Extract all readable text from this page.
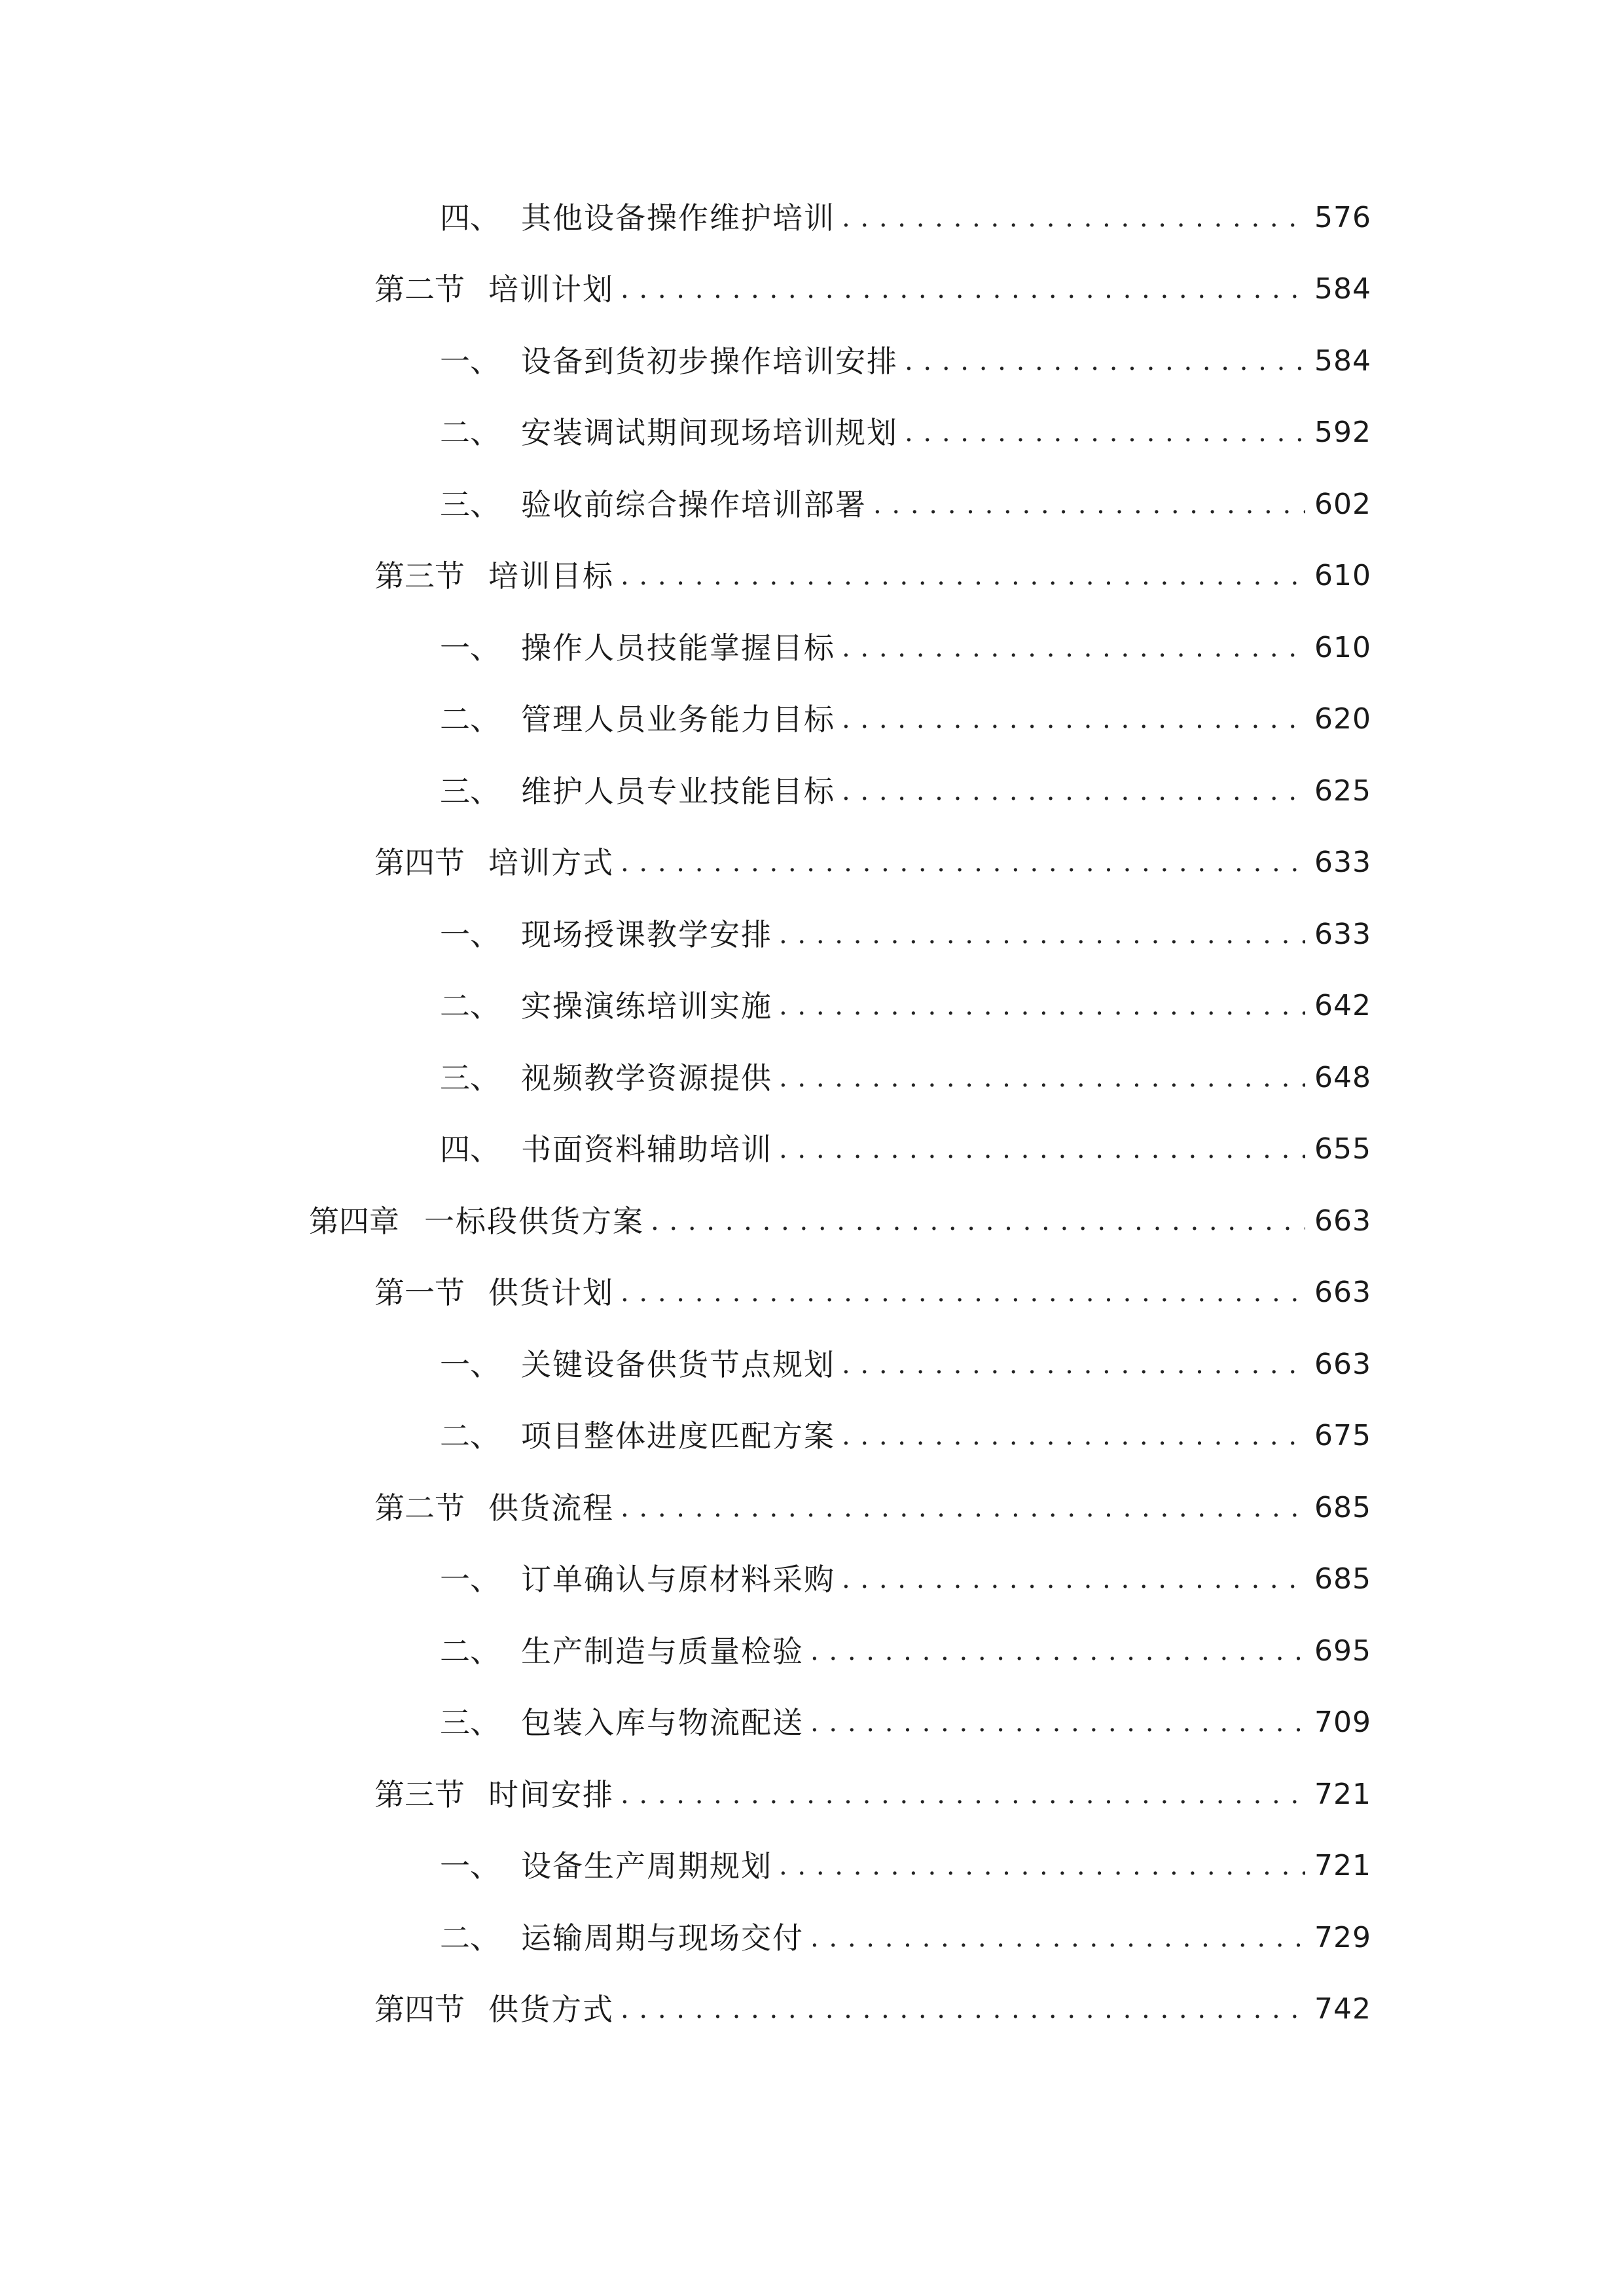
四、 其他设备操作维护培训 . . .	576
第二节 培训计划 . . .	584
一、 设备到货初步操作培训安排 . . .	584
二、 安装调试期间现场培训规划 . . .	592
三、 验收前综合操作培训部署 . . .	602
第三节 培训目标 . . .	610
一、 操作人员技能掌握目标 . . .	610
二、 管理人员业务能力目标 . . .	620
三、 维护人员专业技能目标 . . .	625
第四节 培训方式 . . .	633
一、 现场授课教学安排 . . .	633
二、 实操演练培训实施 . . .	642
三、 视频教学资源提供 . . .	648
四、 书面资料辅助培训 . . .	655
第四章 一标段供货方案 . . .	663
第一节 供货计划 . . .	663
一、 关键设备供货节点规划 . . .	663
二、 项目整体进度匹配方案 . . .	675
第二节 供货流程 . . .	685
一、 订单确认与原材料采购 . . .	685
二、 生产制造与质量检验 . . .	695
三、 包装入库与物流配送 . . .	709
第三节 时间安排 . . .	721
一、 设备生产周期规划 . . .	721
二、 运输周期与现场交付 . . .	729
第四节 供货方式 . . .	742
